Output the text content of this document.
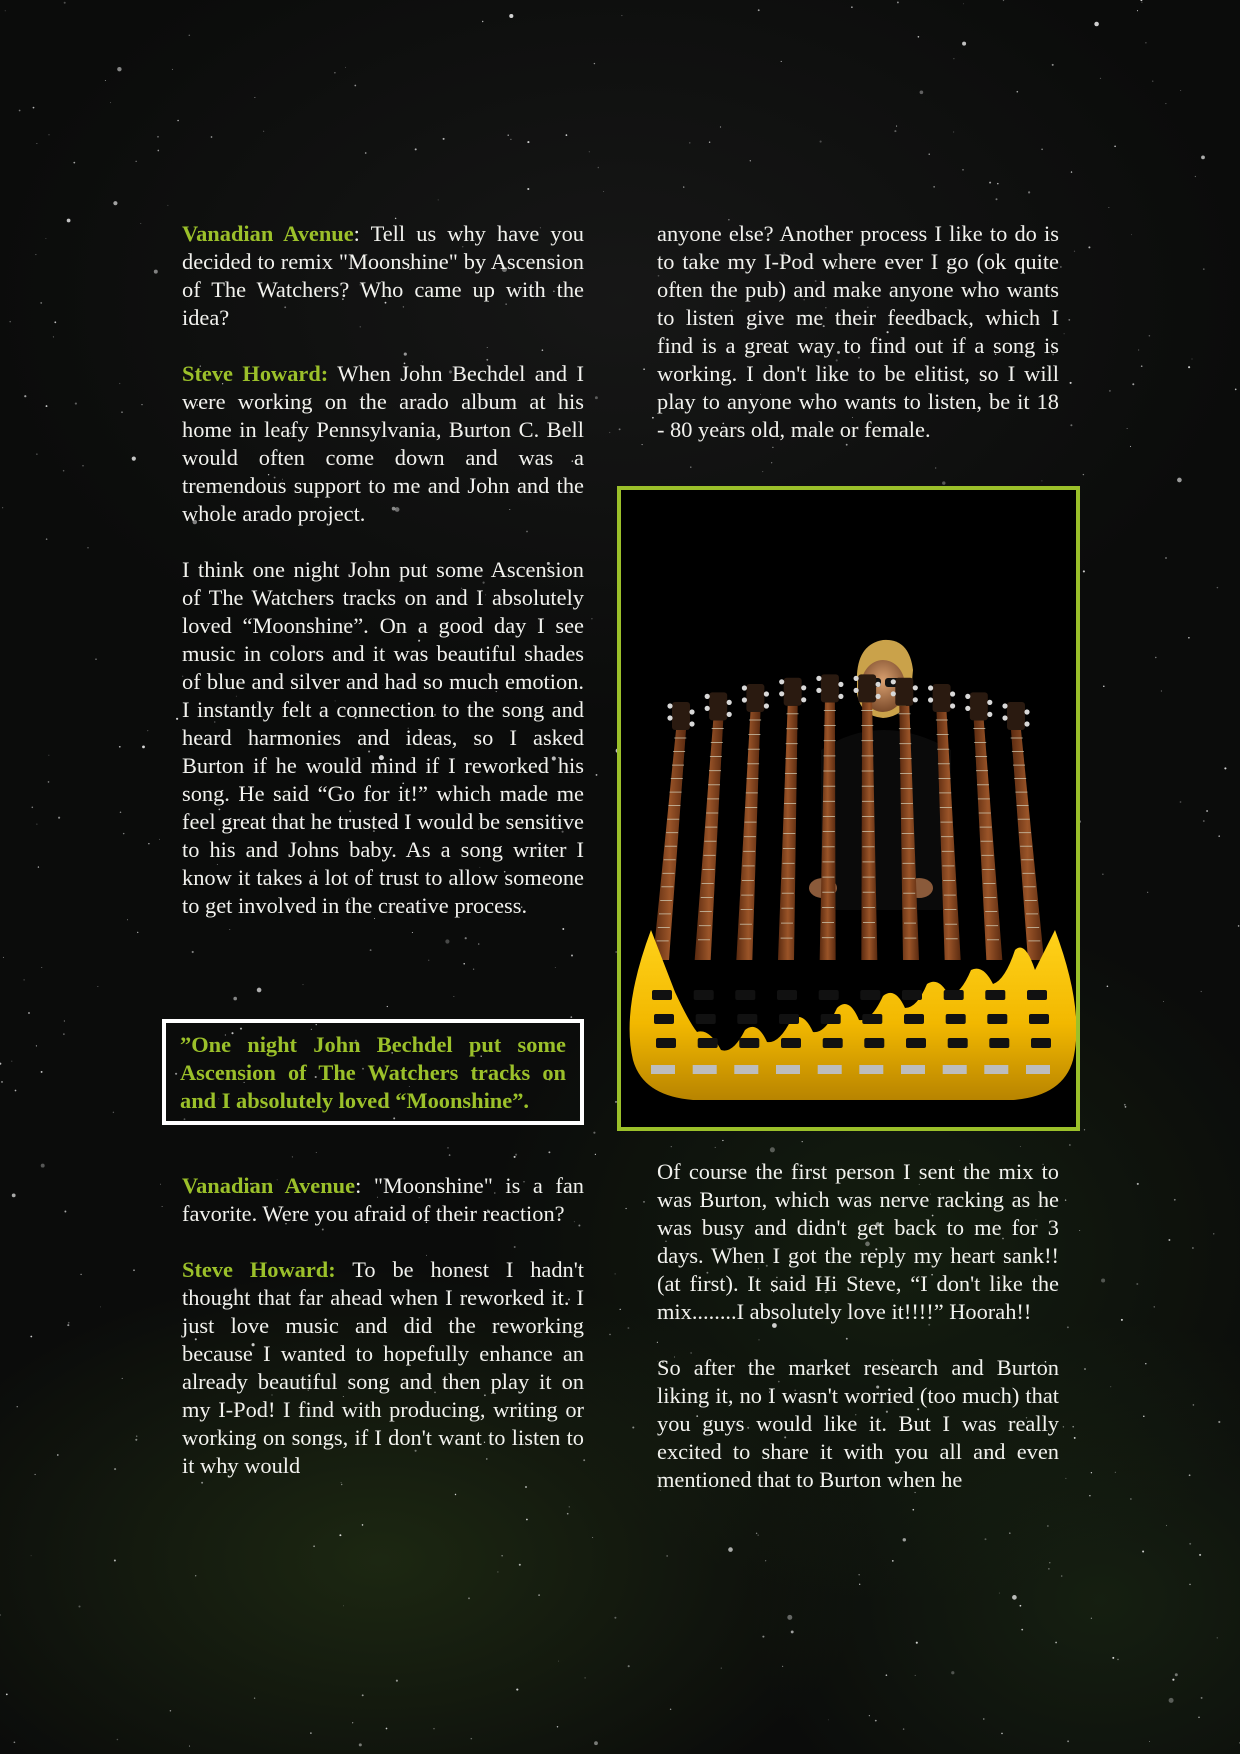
Vanadian Avenue: Tell us why have you decided to remix "Moonshine" by Ascension of The Watchers? Who came up with the idea?

Steve Howard: When John Bechdel and I were working on the arado album at his home in leafy Pennsylvania, Burton C. Bell would often come down and was a tremendous support to me and John and the whole arado project.

I think one night John put some Ascension of The Watchers tracks on and I absolutely loved “Moonshine”. On a good day I see music in colors and it was beautiful shades of blue and silver and had so much emotion. I instantly felt a connection to the song and heard harmonies and ideas, so I asked Burton if he would mind if I reworked his song. He said “Go for it!” which made me feel great that he trusted I would be sensitive to his and Johns baby. As a song writer I know it takes a lot of trust to allow someone to get involved in the creative process.

”One night John Bechdel put some Ascension of The Watchers tracks on and I absolutely loved “Moonshine”.

Vanadian Avenue: "Moonshine" is a fan favorite. Were you afraid of their reaction?

Steve Howard: To be honest I hadn't thought that far ahead when I reworked it. I just love music and did the reworking because I wanted to hopefully enhance an already beautiful song and then play it on my I-Pod! I find with producing, writing or working on songs, if I don't want to listen to it why would

anyone else? Another process I like to do is to take my I-Pod where ever I go (ok quite often the pub) and make anyone who wants to listen give me their feedback, which I find is a great way to find out if a song is working. I don't like to be elitist, so I will play to anyone who wants to listen, be it 18 - 80 years old, male or female.

Of course the first person I sent the mix to was Burton, which was nerve racking as he was busy and didn't get back to me for 3 days. When I got the reply my heart sank!! (at first). It said Hi Steve, “I don't like the mix........I absolutely love it!!!!” Hoorah!!

So after the market research and Burton liking it, no I wasn't worried (too much) that you guys would like it. But I was really excited to share it with you all and even mentioned that to Burton when he
